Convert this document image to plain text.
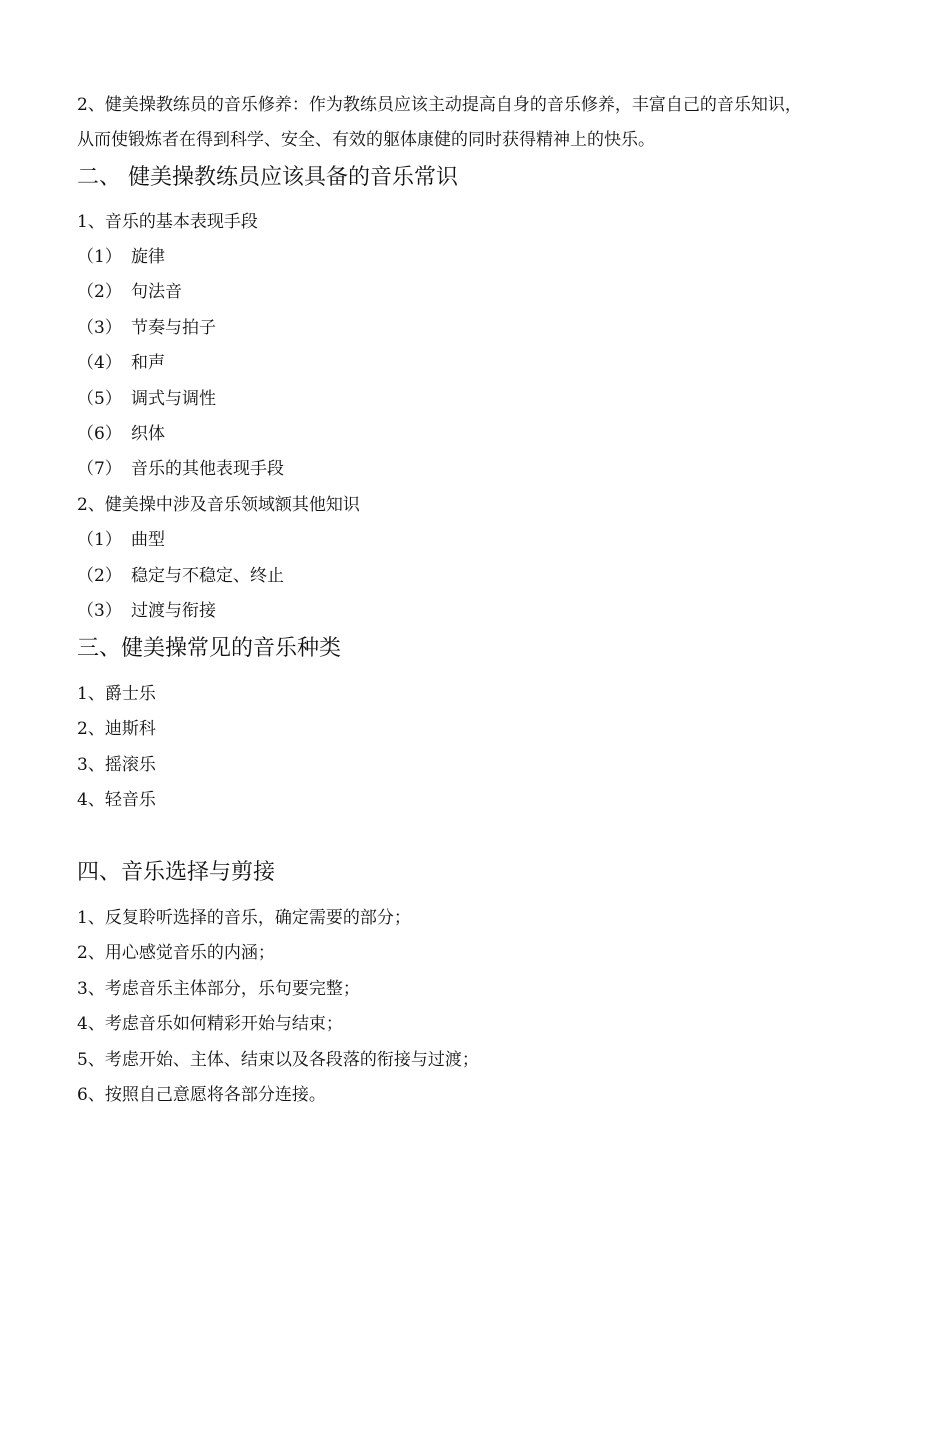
2、健美操教练员的音乐修养：作为教练员应该主动提高自身的音乐修养，丰富自己的音乐知识，
从而使锻炼者在得到科学、安全、有效的躯体康健的同时获得精神上的快乐。

二、 健美操教练员应该具备的音乐常识

1、音乐的基本表现手段

（1） 旋律

（2） 句法音

（3） 节奏与拍子

（4） 和声

（5） 调式与调性

（6） 织体

（7） 音乐的其他表现手段

2、健美操中涉及音乐领域额其他知识

（1） 曲型

（2） 稳定与不稳定、终止

（3） 过渡与衔接

三、健美操常见的音乐种类

1、爵士乐

2、迪斯科

3、摇滚乐

4、轻音乐

四、音乐选择与剪接

1、反复聆听选择的音乐，确定需要的部分；

2、用心感觉音乐的内涵；

3、考虑音乐主体部分，乐句要完整；

4、考虑音乐如何精彩开始与结束；

5、考虑开始、主体、结束以及各段落的衔接与过渡；

6、按照自己意愿将各部分连接。
